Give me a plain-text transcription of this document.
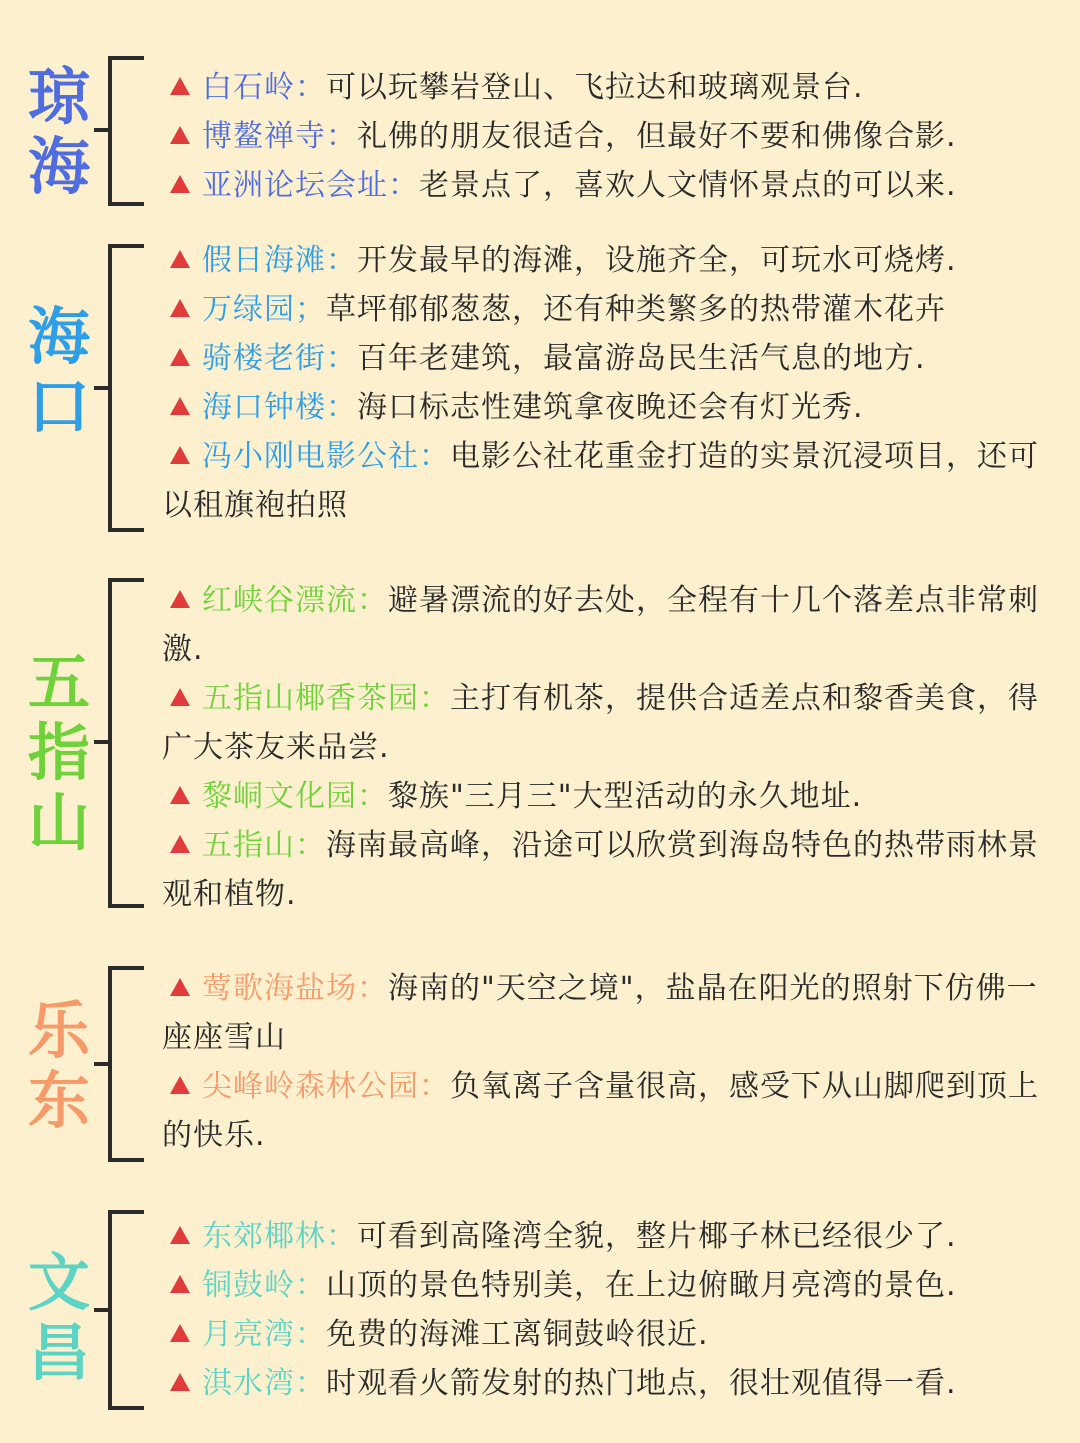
琼
海

白石岭：可以玩攀岩登山、飞拉达和玻璃观景台.

博鳌禅寺：礼佛的朋友很适合，但最好不要和佛像合影.

亚洲论坛会址：老景点了，喜欢人文情怀景点的可以来.

海
口

假日海滩：开发最早的海滩，设施齐全，可玩水可烧烤.

万绿园；草坪郁郁葱葱，还有种类繁多的热带灌木花卉

骑楼老街：百年老建筑，最富游岛民生活气息的地方.

海口钟楼：海口标志性建筑拿夜晚还会有灯光秀.

冯小刚电影公社：电影公社花重金打造的实景沉浸项目，还可以租旗袍拍照

五
指
山

红峡谷漂流：避暑漂流的好去处，全程有十几个落差点非常刺激.

五指山椰香茶园：主打有机茶，提供合适差点和黎香美食，得广大茶友来品尝.

黎峒文化园：黎族"三月三"大型活动的永久地址.

五指山：海南最高峰，沿途可以欣赏到海岛特色的热带雨林景观和植物.

乐
东

莺歌海盐场：海南的"天空之境"，盐晶在阳光的照射下仿佛一座座雪山

尖峰岭森林公园：负氧离子含量很高，感受下从山脚爬到顶上的快乐.

文
昌

东郊椰林：可看到高隆湾全貌，整片椰子林已经很少了.

铜鼓岭：山顶的景色特别美，在上边俯瞰月亮湾的景色.

月亮湾：免费的海滩工离铜鼓岭很近.

淇水湾：时观看火箭发射的热门地点，很壮观值得一看.
